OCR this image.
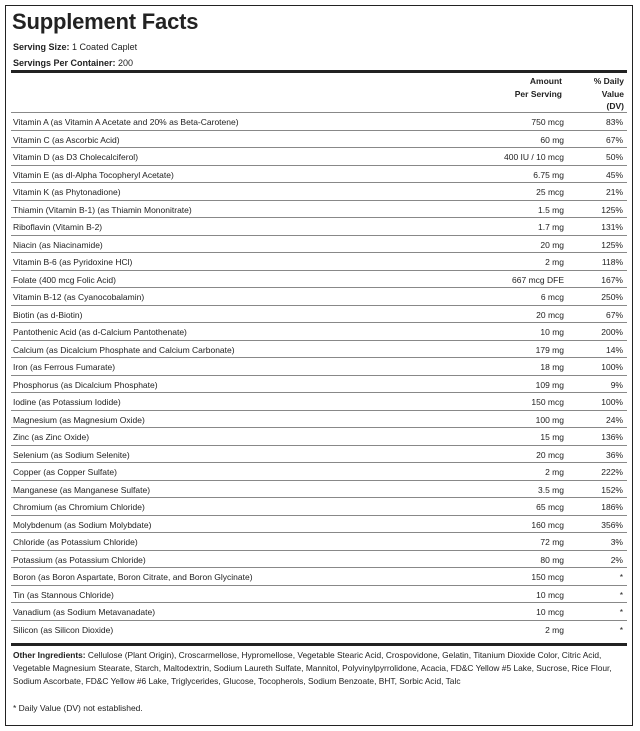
Supplement Facts
Serving Size: 1 Coated Caplet
Servings Per Container: 200
Amount
Per Serving
% Daily
Value
(DV)
Vitamin A (as Vitamin A Acetate and 20% as Beta-Carotene)	750 mcg	83%
Vitamin C (as Ascorbic Acid)	60 mg	67%
Vitamin D (as D3 Cholecalciferol)	400 IU / 10 mcg	50%
Vitamin E (as dl-Alpha Tocopheryl Acetate)	6.75 mg	45%
Vitamin K (as Phytonadione)	25 mcg	21%
Thiamin (Vitamin B-1) (as Thiamin Mononitrate)	1.5 mg	125%
Riboflavin (Vitamin B-2)	1.7 mg	131%
Niacin (as Niacinamide)	20 mg	125%
Vitamin B-6 (as Pyridoxine HCl)	2 mg	118%
Folate (400 mcg Folic Acid)	667 mcg DFE	167%
Vitamin B-12 (as Cyanocobalamin)	6 mcg	250%
Biotin (as d-Biotin)	20 mcg	67%
Pantothenic Acid (as d-Calcium Pantothenate)	10 mg	200%
Calcium (as Dicalcium Phosphate and Calcium Carbonate)	179 mg	14%
Iron (as Ferrous Fumarate)	18 mg	100%
Phosphorus (as Dicalcium Phosphate)	109 mg	9%
Iodine (as Potassium Iodide)	150 mcg	100%
Magnesium (as Magnesium Oxide)	100 mg	24%
Zinc (as Zinc Oxide)	15 mg	136%
Selenium (as Sodium Selenite)	20 mcg	36%
Copper (as Copper Sulfate)	2 mg	222%
Manganese (as Manganese Sulfate)	3.5 mg	152%
Chromium (as Chromium Chloride)	65 mcg	186%
Molybdenum (as Sodium Molybdate)	160 mcg	356%
Chloride (as Potassium Chloride)	72 mg	3%
Potassium (as Potassium Chloride)	80 mg	2%
Boron (as Boron Aspartate, Boron Citrate, and Boron Glycinate)	150 mcg	*
Tin (as Stannous Chloride)	10 mcg	*
Vanadium (as Sodium Metavanadate)	10 mcg	*
Silicon (as Silicon Dioxide)	2 mg	*
Other Ingredients: Cellulose (Plant Origin), Croscarmellose, Hypromellose, Vegetable Stearic Acid, Crospovidone, Gelatin, Titanium Dioxide Color, Citric Acid, Vegetable Magnesium Stearate, Starch, Maltodextrin, Sodium Laureth Sulfate, Mannitol, Polyvinylpyrrolidone, Acacia, FD&C Yellow #5 Lake, Sucrose, Rice Flour, Sodium Ascorbate, FD&C Yellow #6 Lake, Triglycerides, Glucose, Tocopherols, Sodium Benzoate, BHT, Sorbic Acid, Talc
* Daily Value (DV) not established.
